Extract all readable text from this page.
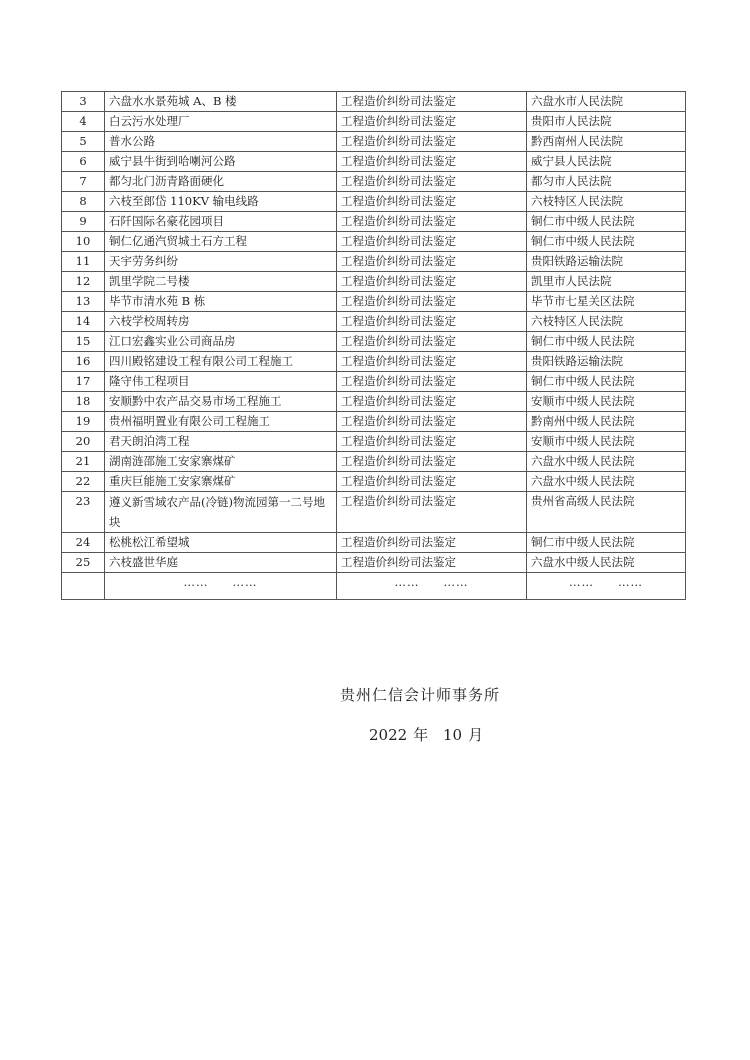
3	六盘水水景苑城 A、B 楼	工程造价纠纷司法鉴定	六盘水市人民法院
4	白云污水处理厂	工程造价纠纷司法鉴定	贵阳市人民法院
5	普水公路	工程造价纠纷司法鉴定	黔西南州人民法院
6	威宁县牛街到哈喇河公路	工程造价纠纷司法鉴定	威宁县人民法院
7	都匀北门沥青路面硬化	工程造价纠纷司法鉴定	都匀市人民法院
8	六枝至郎岱 110KV 输电线路	工程造价纠纷司法鉴定	六枝特区人民法院
9	石阡国际名豪花园项目	工程造价纠纷司法鉴定	铜仁市中级人民法院
10	铜仁亿通汽贸城土石方工程	工程造价纠纷司法鉴定	铜仁市中级人民法院
11	天宇劳务纠纷	工程造价纠纷司法鉴定	贵阳铁路运输法院
12	凯里学院二号楼	工程造价纠纷司法鉴定	凯里市人民法院
13	毕节市清水苑 B 栋	工程造价纠纷司法鉴定	毕节市七星关区法院
14	六枝学校周转房	工程造价纠纷司法鉴定	六枝特区人民法院
15	江口宏鑫实业公司商品房	工程造价纠纷司法鉴定	铜仁市中级人民法院
16	四川殿铭建设工程有限公司工程施工	工程造价纠纷司法鉴定	贵阳铁路运输法院
17	隆守伟工程项目	工程造价纠纷司法鉴定	铜仁市中级人民法院
18	安顺黔中农产品交易市场工程施工	工程造价纠纷司法鉴定	安顺市中级人民法院
19	贵州福明置业有限公司工程施工	工程造价纠纷司法鉴定	黔南州中级人民法院
20	君天朗泊湾工程	工程造价纠纷司法鉴定	安顺市中级人民法院
21	湖南涟邵施工安家寨煤矿	工程造价纠纷司法鉴定	六盘水中级人民法院
22	重庆巨能施工安家寨煤矿	工程造价纠纷司法鉴定	六盘水中级人民法院
23	遵义新雪域农产品(冷链)物流园第一二号地块	工程造价纠纷司法鉴定	贵州省高级人民法院
24	松桃松江希望城	工程造价纠纷司法鉴定	铜仁市中级人民法院
25	六枝盛世华庭	工程造价纠纷司法鉴定	六盘水中级人民法院
	…… ……	…… ……	…… ……
贵州仁信会计师事务所
2022 年 10 月
